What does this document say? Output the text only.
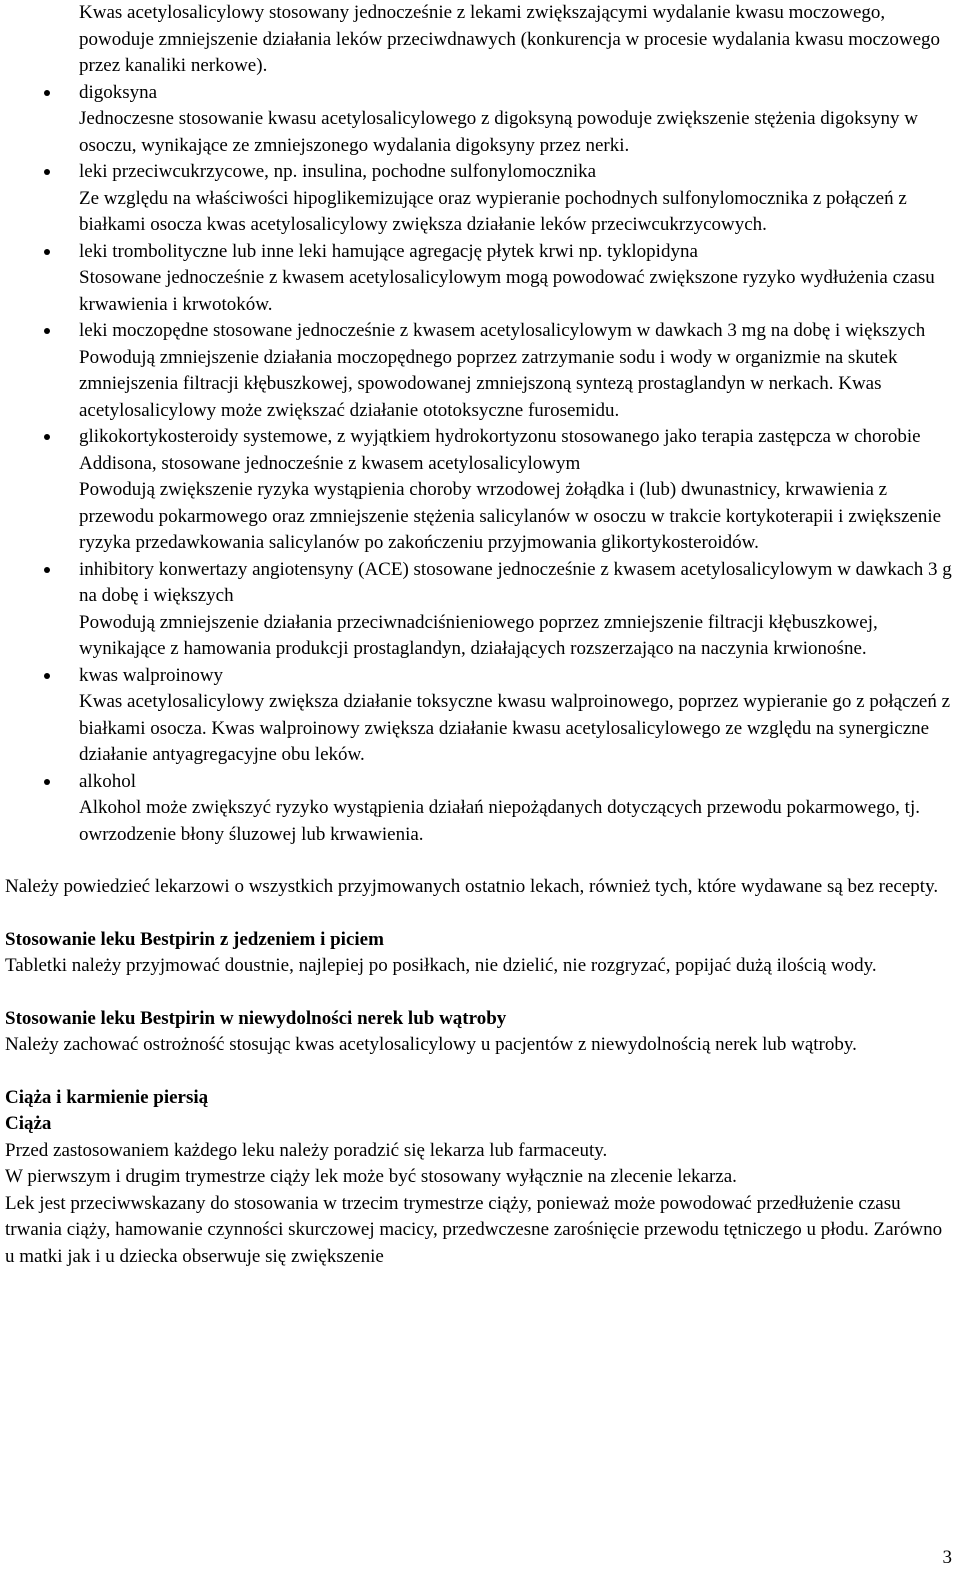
Kwas acetylosalicylowy stosowany jednocześnie z lekami zwiększającymi wydalanie kwasu moczowego, powoduje zmniejszenie działania leków przeciwdnawych (konkurencja w procesie wydalania kwasu moczowego przez kanaliki nerkowe).

digoksyna

Jednoczesne stosowanie kwasu acetylosalicylowego z digoksyną powoduje zwiększenie stężenia digoksyny w osoczu, wynikające ze zmniejszonego wydalania digoksyny przez nerki.

leki przeciwcukrzycowe, np. insulina, pochodne sulfonylomocznika

Ze względu na właściwości hipoglikemizujące oraz wypieranie pochodnych sulfonylomocznika z połączeń z białkami osocza kwas acetylosalicylowy zwiększa działanie leków przeciwcukrzycowych.

leki trombolityczne lub inne leki hamujące agregację płytek krwi np. tyklopidyna

Stosowane jednocześnie z kwasem acetylosalicylowym mogą powodować zwiększone ryzyko wydłużenia czasu krwawienia i krwotoków.

leki moczopędne stosowane jednocześnie z kwasem acetylosalicylowym w dawkach 3 mg na dobę i większych

Powodują zmniejszenie działania moczopędnego poprzez zatrzymanie sodu i wody w organizmie na skutek zmniejszenia filtracji kłębuszkowej, spowodowanej zmniejszoną syntezą prostaglandyn w nerkach. Kwas acetylosalicylowy może zwiększać działanie ototoksyczne furosemidu.

glikokortykosteroidy systemowe, z wyjątkiem hydrokortyzonu stosowanego jako terapia zastępcza w chorobie Addisona, stosowane jednocześnie z kwasem acetylosalicylowym

Powodują zwiększenie ryzyka wystąpienia choroby wrzodowej żołądka i (lub) dwunastnicy, krwawienia z przewodu pokarmowego oraz zmniejszenie stężenia salicylanów w osoczu w trakcie kortykoterapii i zwiększenie ryzyka przedawkowania salicylanów po zakończeniu przyjmowania glikortykosteroidów.

inhibitory konwertazy angiotensyny (ACE) stosowane jednocześnie z kwasem acetylosalicylowym w dawkach 3 g na dobę i większych

Powodują zmniejszenie działania przeciwnadciśnieniowego poprzez zmniejszenie filtracji kłębuszkowej, wynikające z hamowania produkcji prostaglandyn, działających rozszerzająco na naczynia krwionośne.

kwas walproinowy

Kwas acetylosalicylowy zwiększa działanie toksyczne kwasu walproinowego, poprzez wypieranie go z połączeń z białkami osocza. Kwas walproinowy zwiększa działanie kwasu acetylosalicylowego ze względu na synergiczne działanie antyagregacyjne obu leków.

alkohol

Alkohol może zwiększyć ryzyko wystąpienia działań niepożądanych dotyczących przewodu pokarmowego, tj. owrzodzenie błony śluzowej lub krwawienia.

Należy powiedzieć lekarzowi o wszystkich przyjmowanych ostatnio lekach, również tych, które wydawane są bez recepty.

Stosowanie leku Bestpirin z jedzeniem i piciem

Tabletki należy przyjmować doustnie, najlepiej po posiłkach, nie dzielić, nie rozgryzać, popijać dużą ilością wody.

Stosowanie leku Bestpirin w niewydolności nerek lub wątroby

Należy zachować ostrożność stosując kwas acetylosalicylowy u pacjentów z niewydolnością nerek lub wątroby.

Ciąża i karmienie piersią

Ciąża

Przed zastosowaniem każdego leku należy poradzić się lekarza lub farmaceuty.

W pierwszym i drugim trymestrze ciąży lek może być stosowany wyłącznie na zlecenie lekarza.

Lek jest przeciwwskazany do stosowania w trzecim trymestrze ciąży, ponieważ może powodować przedłużenie czasu trwania ciąży, hamowanie czynności skurczowej macicy, przedwczesne zarośnięcie przewodu tętniczego u płodu. Zarówno u matki jak i u dziecka obserwuje się zwiększenie

3
